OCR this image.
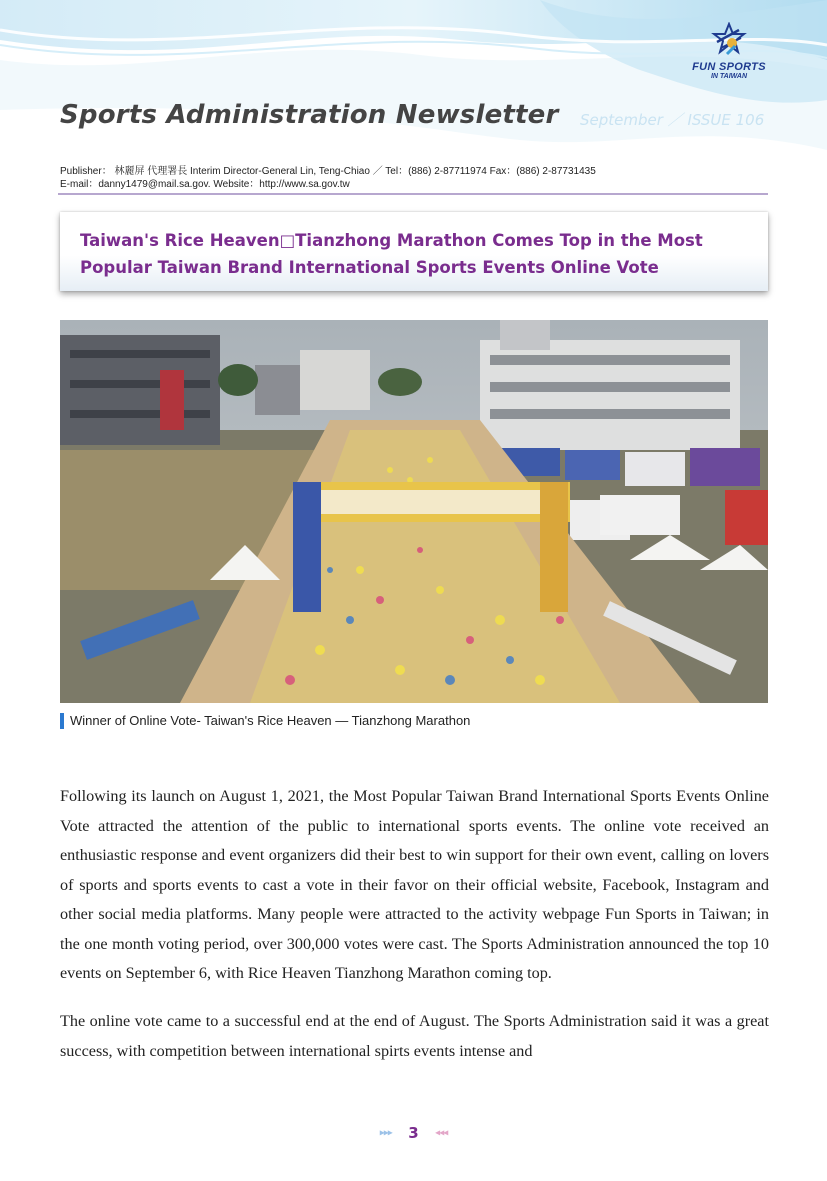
FUN SPORTS
IN TAIWAN
Sports Administration Newsletter September ／ ISSUE 106
Publisher： 林麗屏 代理署長 Interim Director-General Lin, Teng-Chiao ／ Tel：(886) 2-87711974 Fax：(886) 2-87731435
E-mail：danny1479@mail.sa.gov. Website：http://www.sa.gov.tw
Taiwan's Rice Heaven□Tianzhong Marathon Comes Top in the Most Popular Taiwan Brand International Sports Events Online Vote
Winner of Online Vote- Taiwan's Rice Heaven — Tianzhong Marathon

Following its launch on August 1, 2021, the Most Popular Taiwan Brand International Sports Events Online Vote attracted the attention of the public to international sports events. The online vote received an enthusiastic response and event organizers did their best to win support for their own event, calling on lovers of sports and sports events to cast a vote in their favor on their official website, Facebook, Instagram and other social media platforms. Many people were attracted to the activity webpage Fun Sports in Taiwan; in the one month voting period, over 300,000 votes were cast. The Sports Administration announced the top 10 events on September 6, with Rice Heaven Tianzhong Marathon coming top.

The online vote came to a successful end at the end of August. The Sports Administration said it was a great success, with competition between international spirts events intense and

▸▸▸ 3 ◂◂◂
